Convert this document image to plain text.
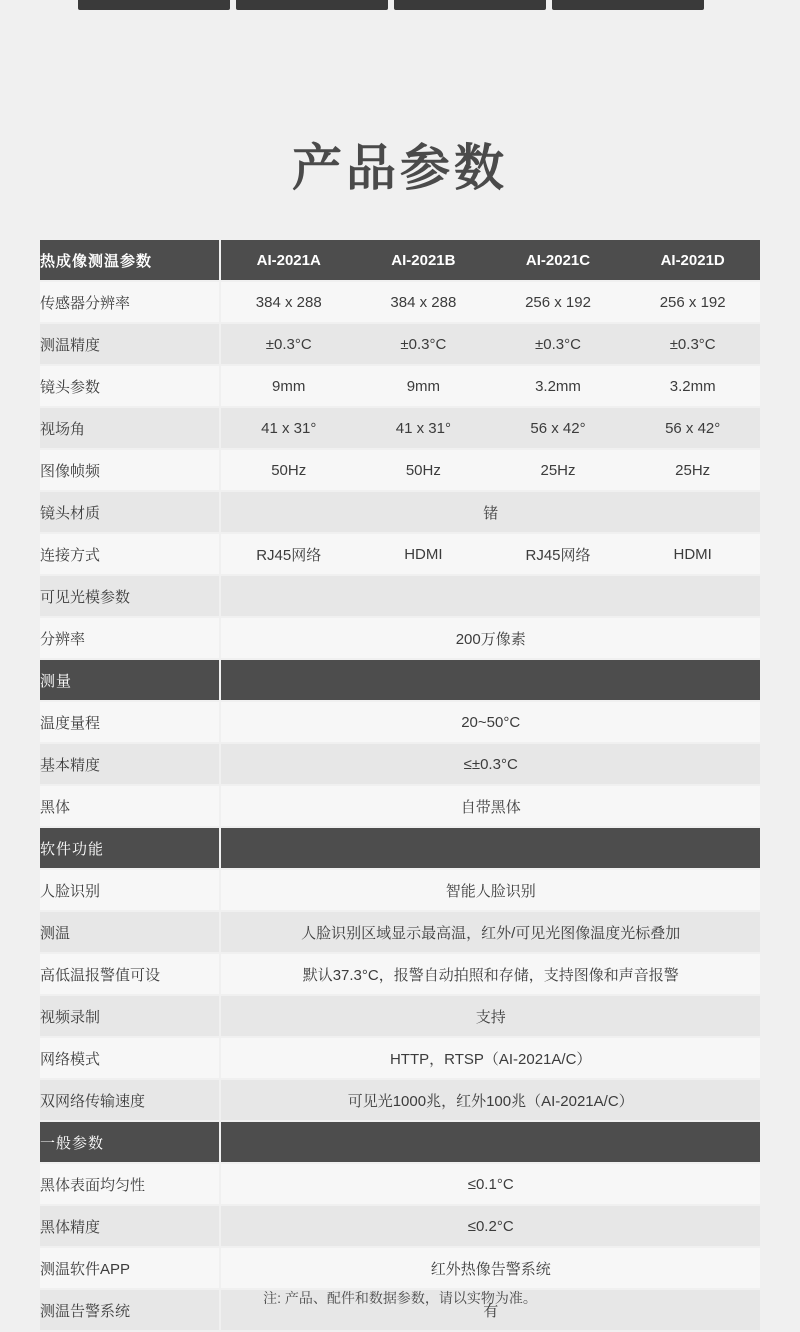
产品参数
热成像测温参数	AI-2021A	AI-2021B	AI-2021C	AI-2021D
传感器分辨率	384 x 288	384 x 288	256 x 192	256 x 192
测温精度	±0.3°C	±0.3°C	±0.3°C	±0.3°C
镜头参数	9mm	9mm	3.2mm	3.2mm
视场角	41 x 31°	41 x 31°	56 x 42°	56 x 42°
图像帧频	50Hz	50Hz	25Hz	25Hz
镜头材质	锗			
连接方式	RJ45网络	HDMI	RJ45网络	HDMI
可见光模参数				
分辨率	200万像素			
测量				
温度量程	20~50°C			
基本精度	≤±0.3°C			
黑体	自带黑体			
软件功能				
人脸识别	智能人脸识别			
测温	人脸识别区域显示最高温，红外/可见光图像温度光标叠加			
高低温报警值可设	默认37.3°C，报警自动拍照和存储，支持图像和声音报警			
视频录制	支持			
网络模式	HTTP，RTSP（AI-2021A/C）			
双网络传输速度	可见光1000兆，红外100兆（AI-2021A/C）			
一般参数				
黑体表面均匀性	≤0.1°C			
黑体精度	≤0.2°C			
测温软件APP	红外热像告警系统			
测温告警系统	有			
注: 产品、配件和数据参数，请以实物为准。
